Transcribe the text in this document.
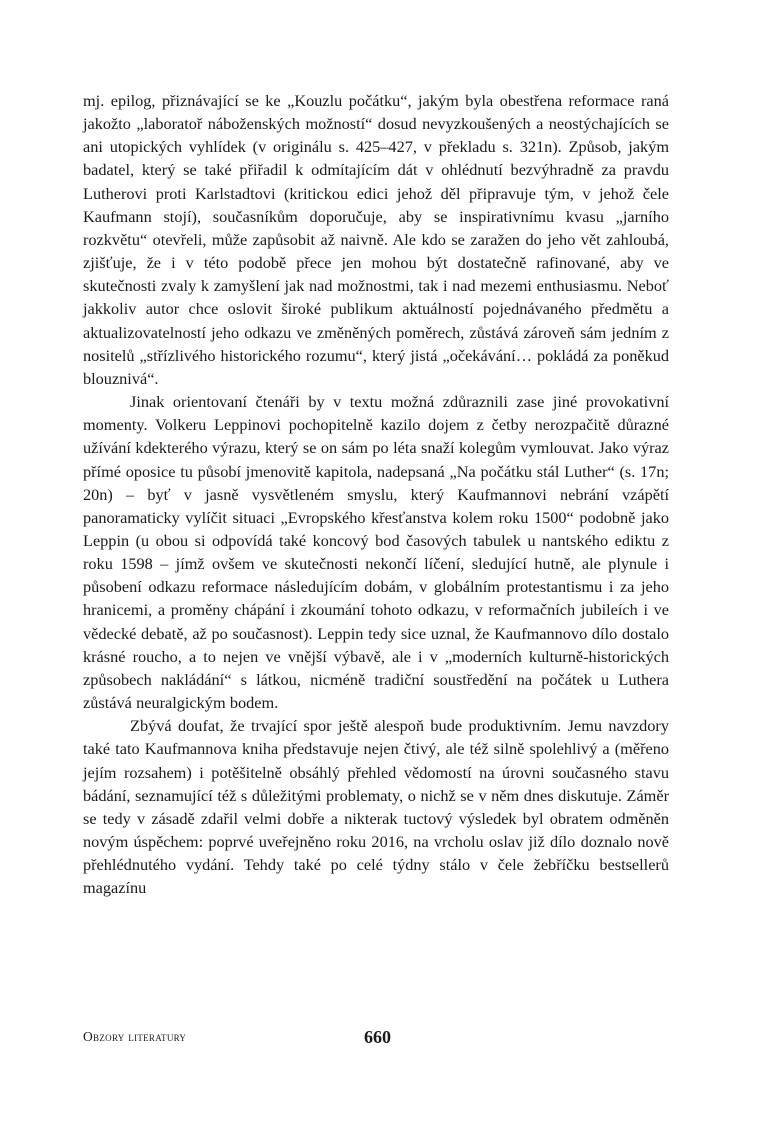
mj. epilog, přiznávající se ke „Kouzlu počátku“, jakým byla obestřena reformace raná jakožto „laboratoř náboženských možností“ dosud nevyzkoušených a neostýchajících se ani utopických vyhlídek (v originálu s. 425–427, v překladu s. 321n). Způsob, jakým badatel, který se také přiřadil k odmítajícím dát v ohlédnutí bezvýhradně za pravdu Lutherovi proti Karlstadtovi (kritickou edici jehož děl připravuje tým, v jehož čele Kaufmann stojí), současníkům doporučuje, aby se inspirativnímu kvasu „jarního rozkvětu“ otevřeli, může zapůsobit až naivně. Ale kdo se zaražen do jeho vět zahloubá, zjišťuje, že i v této podobě přece jen mohou být dostatečně rafinované, aby ve skutečnosti zvaly k zamyšlení jak nad možnostmi, tak i nad mezemi enthusiasmu. Neboť jakkoliv autor chce oslovit široké publikum aktuálností pojednávaného předmětu a aktualizovatelností jeho odkazu ve změněných poměrech, zůstává zároveň sám jedním z nositelů „střízlivého historického rozumu“, který jistá „očekávání… pokládá za poněkud blouznivá“.

Jinak orientovaní čtenáři by v textu možná zdůraznili zase jiné provokativní momenty. Volkeru Leppinovi pochopitelně kazilo dojem z četby nerozpačitě důrazné užívání kdekterého výrazu, který se on sám po léta snaží kolegům vymlouvat. Jako výraz přímé oposice tu působí jmenovitě kapitola, nadepsaná „Na počátku stál Luther“ (s. 17n; 20n) – byť v jasně vysvětleném smyslu, který Kaufmannovi nebrání vzápětí panoramaticky vylíčit situaci „Evropského křesťanstva kolem roku 1500“ podobně jako Leppin (u obou si odpovídá také koncový bod časových tabulek u nantského ediktu z roku 1598 – jímž ovšem ve skutečnosti nekončí líčení, sledující hutně, ale plynule i působení odkazu reformace následujícím dobám, v globálním protestantismu i za jeho hranicemi, a proměny chápání i zkoumání tohoto odkazu, v reformačních jubileích i ve vědecké debatě, až po současnost). Leppin tedy sice uznal, že Kaufmannovo dílo dostalo krásné roucho, a to nejen ve vnější výbavě, ale i v „moderních kulturně-historických způsobech nakládání“ s látkou, nicméně tradiční soustředění na počátek u Luthera zůstává neuralgickým bodem.

Zbývá doufat, že trvající spor ještě alespoň bude produktivním. Jemu navzdory také tato Kaufmannova kniha představuje nejen čtivý, ale též silně spolehlivý a (měřeno jejím rozsahem) i potěšitelně obsáhlý přehled vědomostí na úrovni současného stavu bádání, seznamující též s důležitými problematy, o nichž se v něm dnes diskutuje. Záměr se tedy v zásadě zdařil velmi dobře a nikterak tuctový výsledek byl obratem odměněn novým úspěchem: poprvé uveřejněno roku 2016, na vrcholu oslav již dílo doznalo nově přehlédnutého vydání. Tehdy také po celé týdny stálo v čele žebříčku bestsellerů magazínu

Obzory literatury	660
